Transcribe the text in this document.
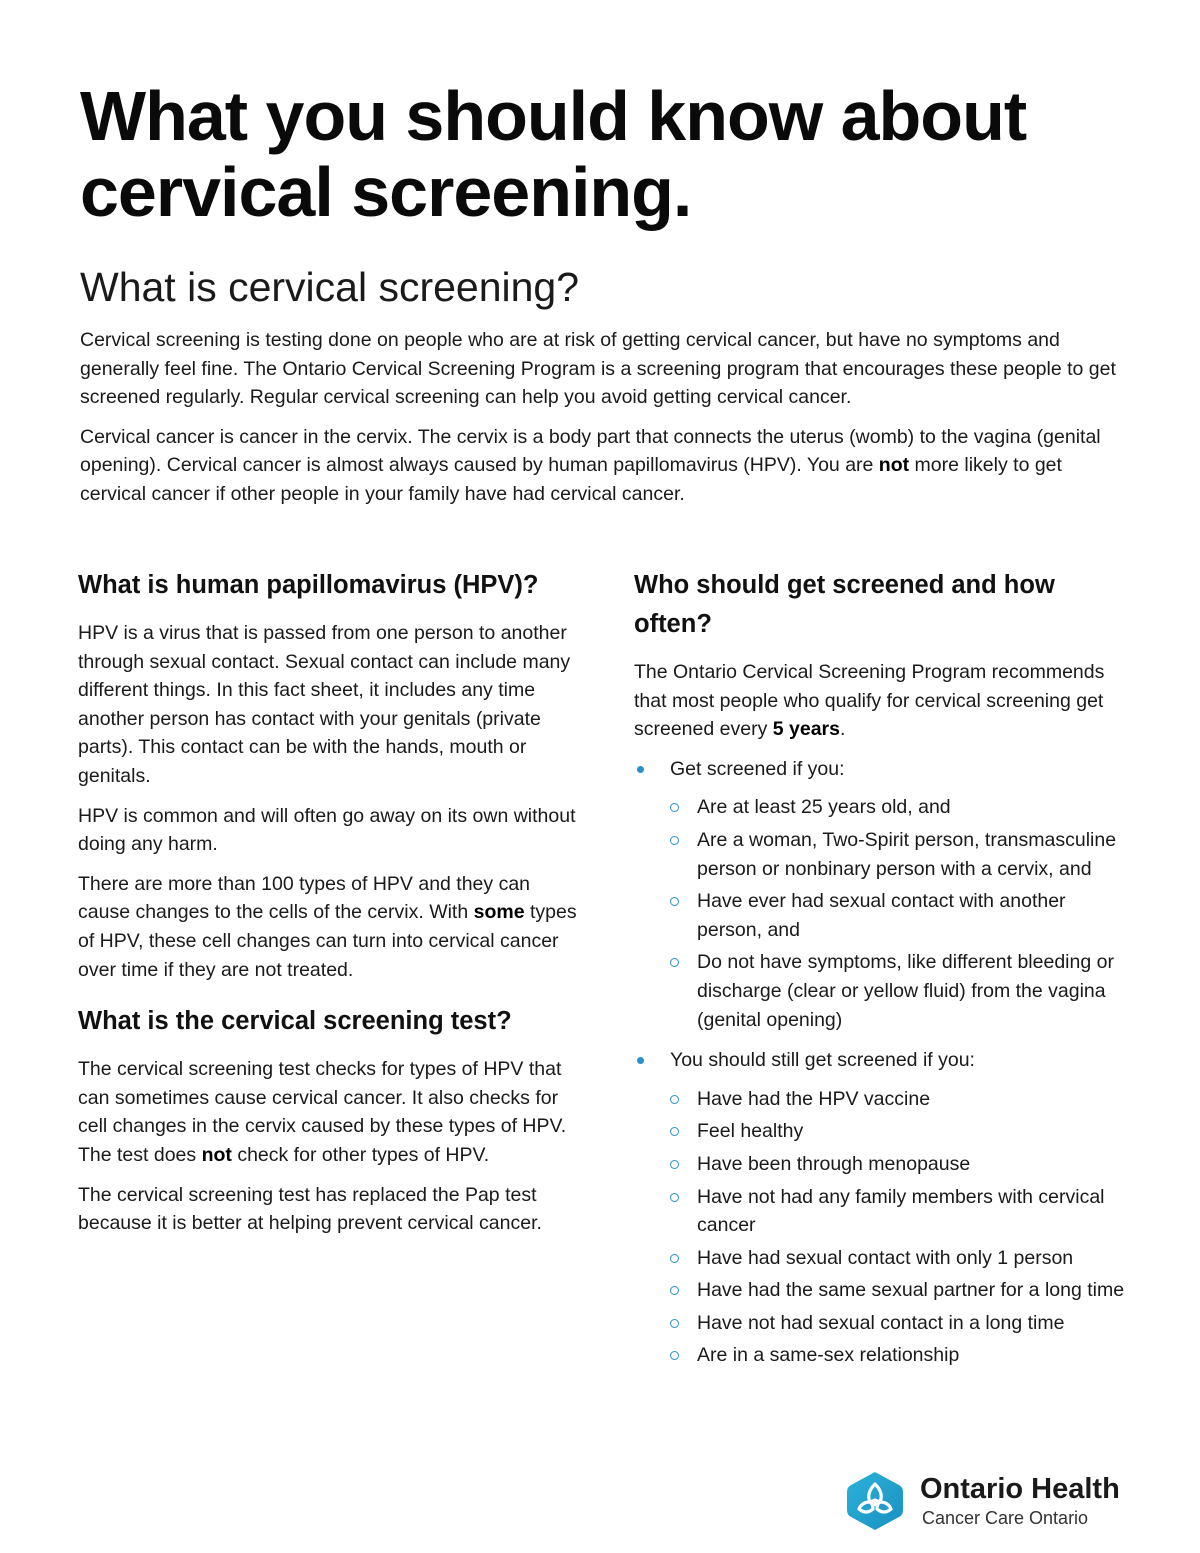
What you should know about cervical screening.
What is cervical screening?

Cervical screening is testing done on people who are at risk of getting cervical cancer, but have no symptoms and generally feel fine. The Ontario Cervical Screening Program is a screening program that encourages these people to get screened regularly. Regular cervical screening can help you avoid getting cervical cancer.

Cervical cancer is cancer in the cervix. The cervix is a body part that connects the uterus (womb) to the vagina (genital opening). Cervical cancer is almost always caused by human papillomavirus (HPV). You are not more likely to get cervical cancer if other people in your family have had cervical cancer.

What is human papillomavirus (HPV)?

HPV is a virus that is passed from one person to another through sexual contact. Sexual contact can include many different things. In this fact sheet, it includes any time another person has contact with your genitals (private parts). This contact can be with the hands, mouth or genitals.

HPV is common and will often go away on its own without doing any harm.

There are more than 100 types of HPV and they can cause changes to the cells of the cervix. With some types of HPV, these cell changes can turn into cervical cancer over time if they are not treated.

What is the cervical screening test?

The cervical screening test checks for types of HPV that can sometimes cause cervical cancer. It also checks for cell changes in the cervix caused by these types of HPV. The test does not check for other types of HPV.

The cervical screening test has replaced the Pap test because it is better at helping prevent cervical cancer.

Who should get screened and how often?

The Ontario Cervical Screening Program recommends that most people who qualify for cervical screening get screened every 5 years.

Get screened if you:
Are at least 25 years old, and
Are a woman, Two-Spirit person, transmasculine person or nonbinary person with a cervix, and
Have ever had sexual contact with another person, and
Do not have symptoms, like different bleeding or discharge (clear or yellow fluid) from the vagina (genital opening)
You should still get screened if you:
Have had the HPV vaccine
Feel healthy
Have been through menopause
Have not had any family members with cervical cancer
Have had sexual contact with only 1 person
Have had the same sexual partner for a long time
Have not had sexual contact in a long time
Are in a same-sex relationship
Ontario Health
Cancer Care Ontario
